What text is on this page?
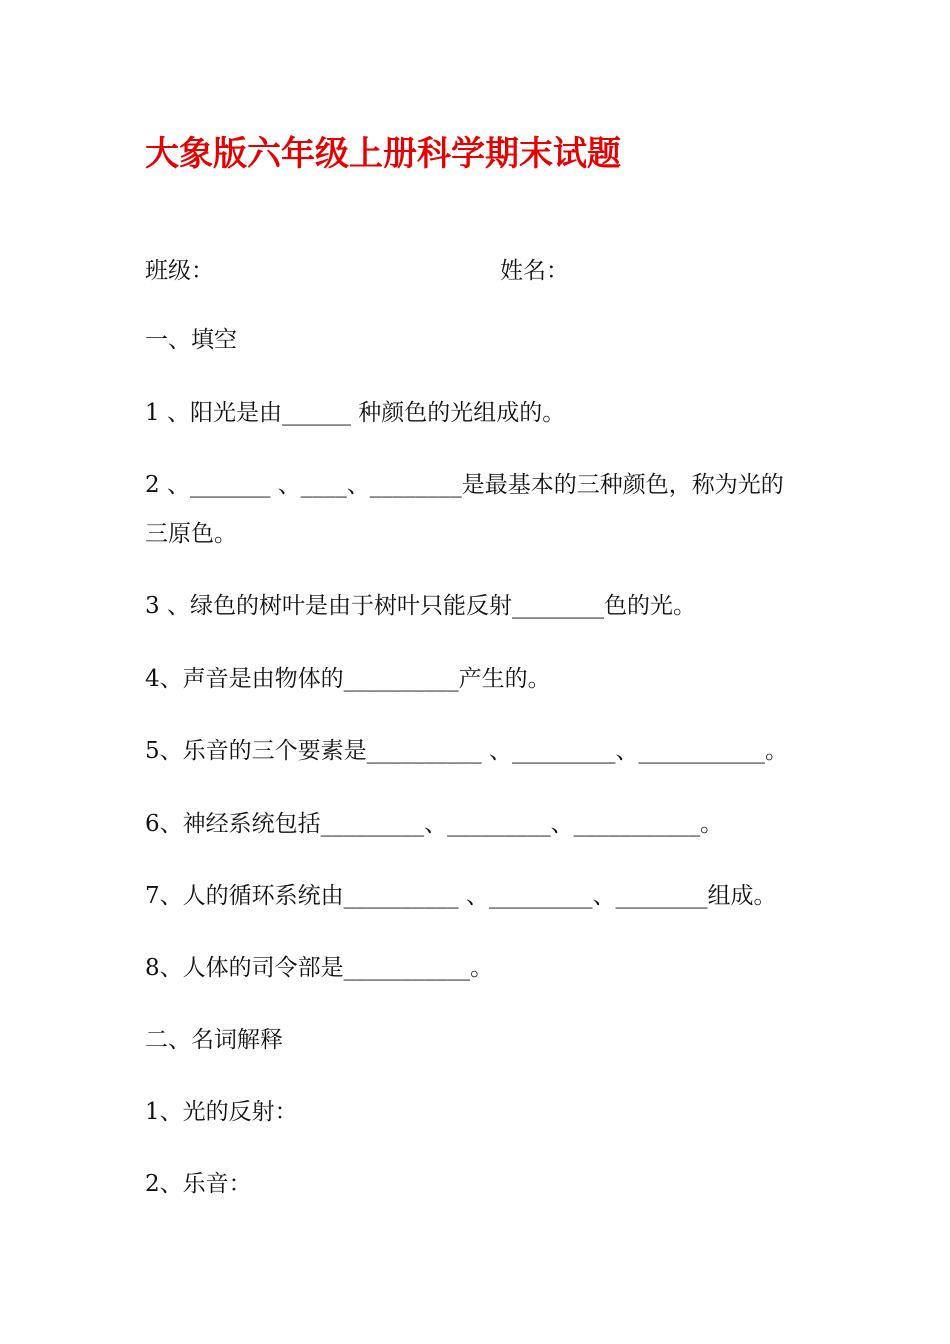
大象版六年级上册科学期末试题
班级：	姓名：
一、填空
1 、阳光是由______ 种颜色的光组成的。
2 、_______ 、____、________是最基本的三种颜色，称为光的
三原色。
3 、绿色的树叶是由于树叶只能反射________色的光。
4、声音是由物体的__________产生的。
5、乐音的三个要素是__________ 、_________、___________。
6、神经系统包括_________、_________、___________。
7、人的循环系统由__________ 、_________、________组成。
8、人体的司令部是___________。
二、名词解释
1、光的反射：
2、乐音：
